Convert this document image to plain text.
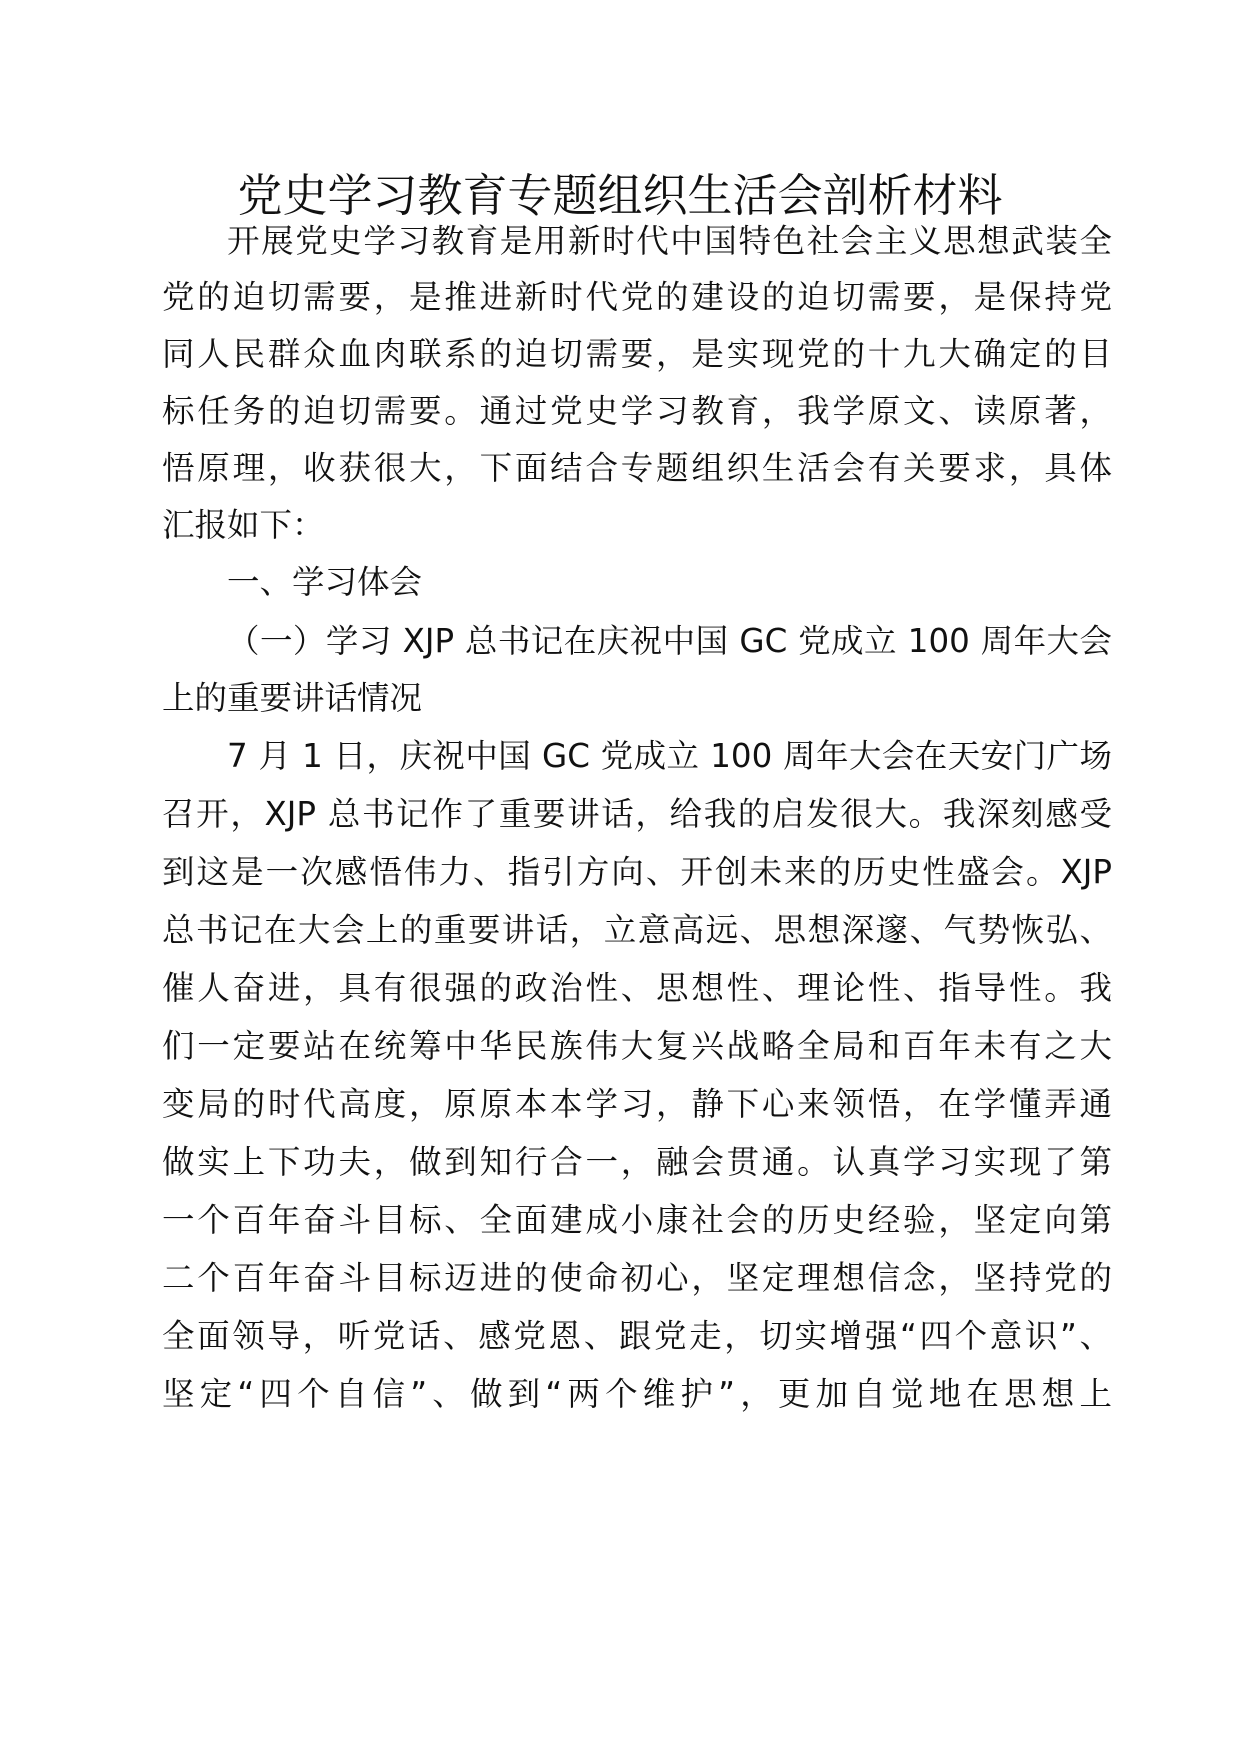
党史学习教育专题组织生活会剖析材料

开展党史学习教育是用新时代中国特色社会主义思想武装全

党的迫切需要，是推进新时代党的建设的迫切需要，是保持党

同人民群众血肉联系的迫切需要，是实现党的十九大确定的目

标任务的迫切需要。通过党史学习教育，我学原文、读原著，

悟原理，收获很大，下面结合专题组织生活会有关要求，具体

汇报如下：

一、学习体会

（一）学习 XJP 总书记在庆祝中国 GC 党成立 100 周年大会

上的重要讲话情况

7 月 1 日，庆祝中国 GC 党成立 100 周年大会在天安门广场

召开，XJP 总书记作了重要讲话，给我的启发很大。我深刻感受

到这是一次感悟伟力、指引方向、开创未来的历史性盛会。XJP

总书记在大会上的重要讲话，立意高远、思想深邃、气势恢弘、

催人奋进，具有很强的政治性、思想性、理论性、指导性。我

们一定要站在统筹中华民族伟大复兴战略全局和百年未有之大

变局的时代高度，原原本本学习，静下心来领悟，在学懂弄通

做实上下功夫，做到知行合一，融会贯通。认真学习实现了第

一个百年奋斗目标、全面建成小康社会的历史经验，坚定向第

二个百年奋斗目标迈进的使命初心，坚定理想信念，坚持党的

全面领导，听党话、感党恩、跟党走，切实增强“四个意识”、

坚定“四个自信”、做到“两个维护”，更加自觉地在思想上
